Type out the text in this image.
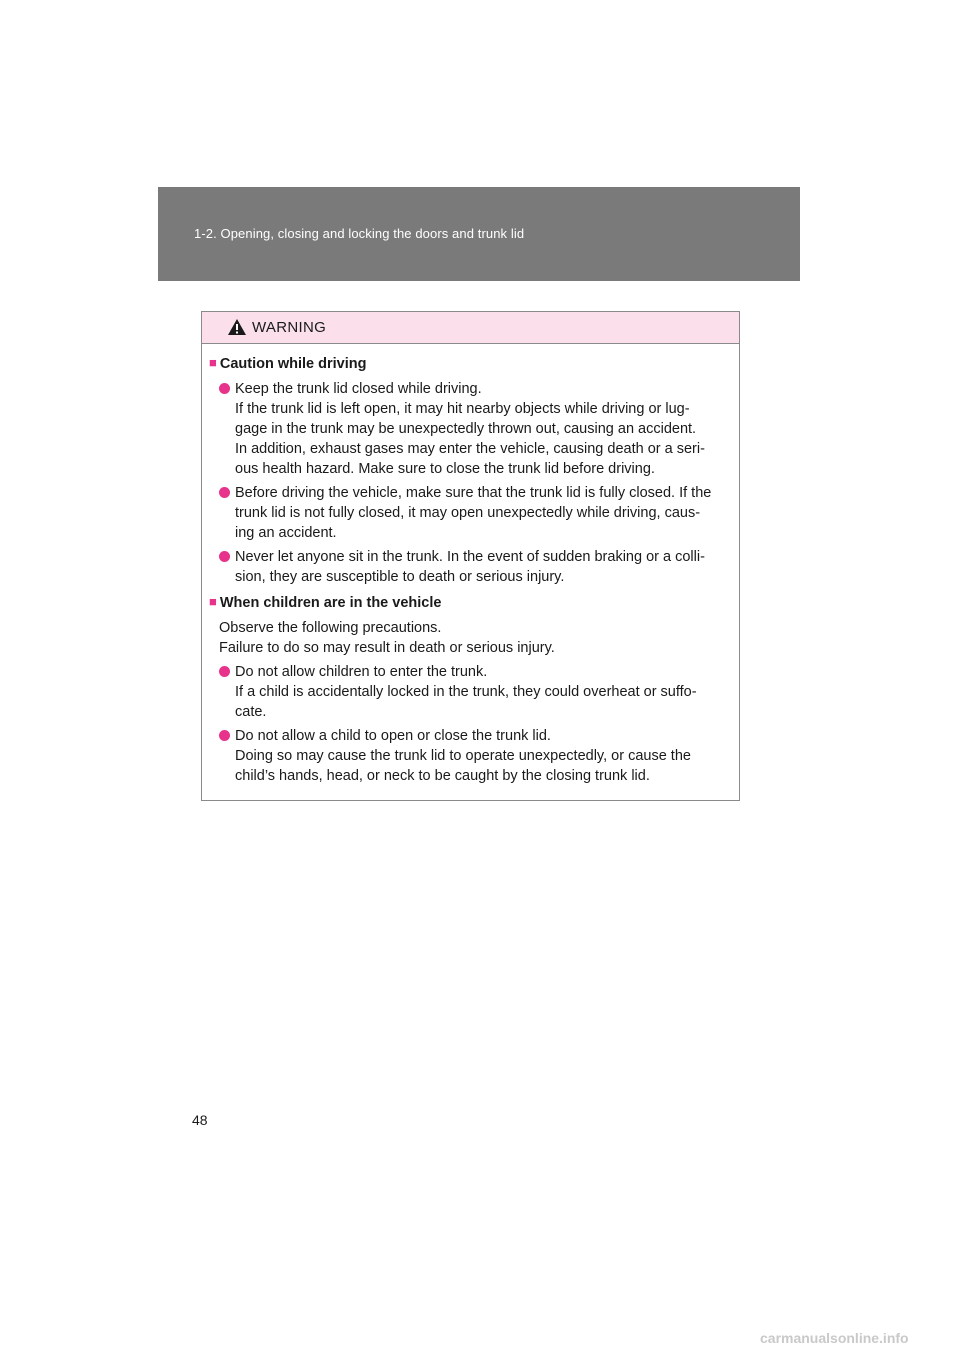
1-2. Opening, closing and locking the doors and trunk lid
WARNING
■ Caution while driving
Keep the trunk lid closed while driving.
If the trunk lid is left open, it may hit nearby objects while driving or lug-
gage in the trunk may be unexpectedly thrown out, causing an accident.
In addition, exhaust gases may enter the vehicle, causing death or a seri-
ous health hazard. Make sure to close the trunk lid before driving.
Before driving the vehicle, make sure that the trunk lid is fully closed. If the
trunk lid is not fully closed, it may open unexpectedly while driving, caus-
ing an accident.
Never let anyone sit in the trunk. In the event of sudden braking or a colli-
sion, they are susceptible to death or serious injury.
■ When children are in the vehicle
Observe the following precautions.
Failure to do so may result in death or serious injury.
Do not allow children to enter the trunk.
If a child is accidentally locked in the trunk, they could overheat or suffo-
cate.
Do not allow a child to open or close the trunk lid.
Doing so may cause the trunk lid to operate unexpectedly, or cause the
child’s hands, head, or neck to be caught by the closing trunk lid.
48
carmanualsonline.info
